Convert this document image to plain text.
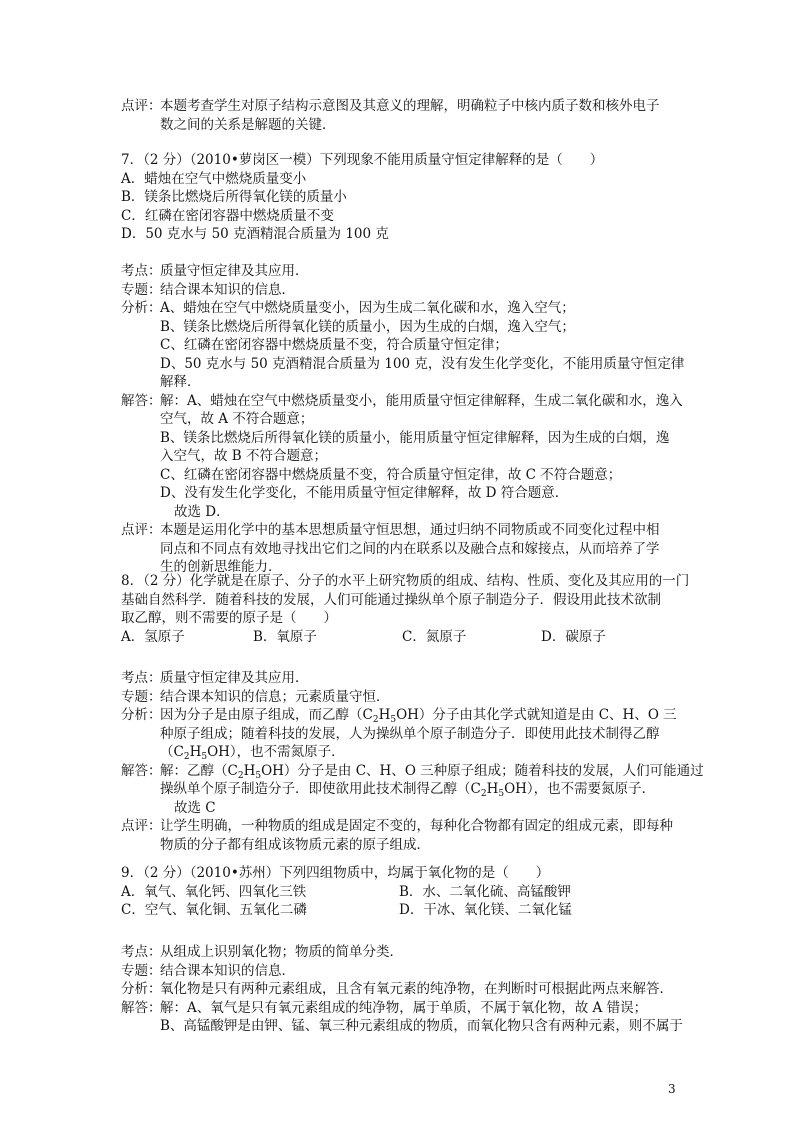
点评：
本题考查学生对原子结构示意图及其意义的理解，明确粒子中核内质子数和核外电子
数之间的关系是解题的关键．
7．（2 分）（2010•萝岗区一模）下列现象不能用质量守恒定律解释的是（　　）
A．蜡烛在空气中燃烧质量变小
B．镁条比燃烧后所得氧化镁的质量小
C．红磷在密闭容器中燃烧质量不变
D．50 克水与 50 克酒精混合质量为 100 克
考点：
质量守恒定律及其应用．
专题：
结合课本知识的信息．
分析：
A、蜡烛在空气中燃烧质量变小，因为生成二氧化碳和水，逸入空气；
B、镁条比燃烧后所得氧化镁的质量小，因为生成的白烟，逸入空气；
C、红磷在密闭容器中燃烧质量不变，符合质量守恒定律；
D、50 克水与 50 克酒精混合质量为 100 克，没有发生化学变化，不能用质量守恒定律
解释．
解答：
解：A、蜡烛在空气中燃烧质量变小，能用质量守恒定律解释，生成二氧化碳和水，逸入
空气，故 A 不符合题意；
B、镁条比燃烧后所得氧化镁的质量小，能用质量守恒定律解释，因为生成的白烟，逸
入空气，故 B 不符合题意；
C、红磷在密闭容器中燃烧质量不变，符合质量守恒定律，故 C 不符合题意；
D、没有发生化学变化，不能用质量守恒定律解释，故 D 符合题意．
故选 D．
点评：
本题是运用化学中的基本思想质量守恒思想，通过归纳不同物质或不同变化过程中相
同点和不同点有效地寻找出它们之间的内在联系以及融合点和嫁接点，从而培养了学
生的创新思维能力．
8．（2 分）化学就是在原子、分子的水平上研究物质的组成、结构、性质、变化及其应用的一门
基础自然科学．随着科技的发展，人们可能通过操纵单个原子制造分子．假设用此技术欲制
取乙醇，则不需要的原子是（　　）
A．氢原子	B．氧原子	C．氮原子	D．碳原子
考点：
质量守恒定律及其应用．
专题：
结合课本知识的信息；元素质量守恒．
分析：
因为分子是由原子组成，而乙醇$(C_2H_5OH)$分子由其化学式就知道是由 C、H、O 三
种原子组成；随着科技的发展，人为操纵单个原子制造分子．即使用此技术制得乙醇
$(C_2H_5OH)$，也不需氮原子．
解答：
解：乙醇$(C_2H_5OH)$分子是由 C、H、O 三种原子组成；随着科技的发展，人们可能通过
操纵单个原子制造分子．即使欲用此技术制得乙醇$(C_2H_5OH)$，也不需要氮原子．
故选 C
点评：
让学生明确，一种物质的组成是固定不变的，每种化合物都有固定的组成元素，即每种
物质的分子都有组成该物质元素的原子组成．
9．（2 分）（2010•苏州）下列四组物质中，均属于氧化物的是（　　）
A．氧气、氧化钙、四氧化三铁	B．水、二氧化硫、高锰酸钾
C．空气、氧化铜、五氧化二磷	D．干冰、氧化镁、二氧化锰
考点：
从组成上识别氧化物；物质的简单分类．
专题：
结合课本知识的信息．
分析：
氧化物是只有两种元素组成，且含有氧元素的纯净物，在判断时可根据此两点来解答．
解答：
解：A、氧气是只有氧元素组成的纯净物，属于单质，不属于氧化物，故 A 错误；
B、高锰酸钾是由钾、锰、氧三种元素组成的物质，而氧化物只含有两种元素，则不属于
3
